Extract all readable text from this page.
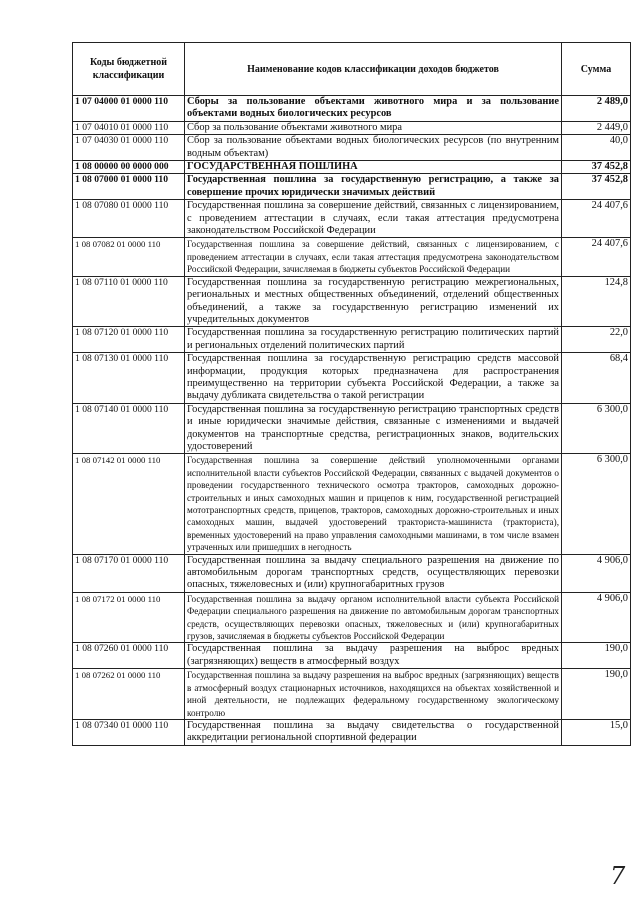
Коды бюджетной классификации	Наименование кодов классификации доходов бюджетов	Сумма
1 07 04000 01 0000 110	Сборы за пользование объектами животного мира и за пользование объектами водных биологических ресурсов	2 489,0
1 07 04010 01 0000 110	Сбор за пользование объектами животного мира	2 449,0
1 07 04030 01 0000 110	Сбор за пользование объектами водных биологических ресурсов (по внутренним водным объектам)	40,0
1 08 00000 00 0000 000	ГОСУДАРСТВЕННАЯ ПОШЛИНА	37 452,8
1 08 07000 01 0000 110	Государственная пошлина за государственную регистрацию, а также за совершение прочих юридически значимых действий	37 452,8
1 08 07080 01 0000 110	Государственная пошлина за совершение действий, связанных с лицензированием, с проведением аттестации в случаях, если такая аттестация предусмотрена законодательством Российской Федерации	24 407,6
1 08 07082 01 0000 110	Государственная пошлина за совершение действий, связанных с лицензированием, с проведением аттестации в случаях, если такая аттестация предусмотрена законодательством Российской Федерации, зачисляемая в бюджеты субъектов Российской Федерации	24 407,6
1 08 07110 01 0000 110	Государственная пошлина за государственную регистрацию межрегиональных, региональных и местных общественных объединений, отделений общественных объединений, а также за государственную регистрацию изменений их учредительных документов	124,8
1 08 07120 01 0000 110	Государственная пошлина за государственную регистрацию политических партий и региональных отделений политических партий	22,0
1 08 07130 01 0000 110	Государственная пошлина за государственную регистрацию средств массовой информации, продукция которых предназначена для распространения преимущественно на территории субъекта Российской Федерации, а также за выдачу дубликата свидетельства о такой регистрации	68,4
1 08 07140 01 0000 110	Государственная пошлина за государственную регистрацию транспортных средств и иные юридически значимые действия, связанные с изменениями и выдачей документов на транспортные средства, регистрационных знаков, водительских удостоверений	6 300,0
1 08 07142 01 0000 110	Государственная пошлина за совершение действий уполномоченными органами исполнительной власти субъектов Российской Федерации, связанных с выдачей документов о проведении государственного технического осмотра тракторов, самоходных дорожно-строительных и иных самоходных машин и прицепов к ним, государственной регистрацией мототранспортных средств, прицепов, тракторов, самоходных дорожно-строительных и иных самоходных машин, выдачей удостоверений тракториста-машиниста (тракториста), временных удостоверений на право управления самоходными машинами, в том числе взамен утраченных или пришедших в негодность	6 300,0
1 08 07170 01 0000 110	Государственная пошлина за выдачу специального разрешения на движение по автомобильным дорогам транспортных средств, осуществляющих перевозки опасных, тяжеловесных и (или) крупногабаритных грузов	4 906,0
1 08 07172 01 0000 110	Государственная пошлина за выдачу органом исполнительной власти субъекта Российской Федерации специального разрешения на движение по автомобильным дорогам транспортных средств, осуществляющих перевозки опасных, тяжеловесных и (или) крупногабаритных грузов, зачисляемая в бюджеты субъектов Российской Федерации	4 906,0
1 08 07260 01 0000 110	Государственная пошлина за выдачу разрешения на выброс вредных (загрязняющих) веществ в атмосферный воздух	190,0
1 08 07262 01 0000 110	Государственная пошлина за выдачу разрешения на выброс вредных (загрязняющих) веществ в атмосферный воздух стационарных источников, находящихся на объектах хозяйственной и иной деятельности, не подлежащих федеральному государственному экологическому контролю	190,0
1 08 07340 01 0000 110	Государственная пошлина за выдачу свидетельства о государственной аккредитации региональной спортивной федерации	15,0
7
